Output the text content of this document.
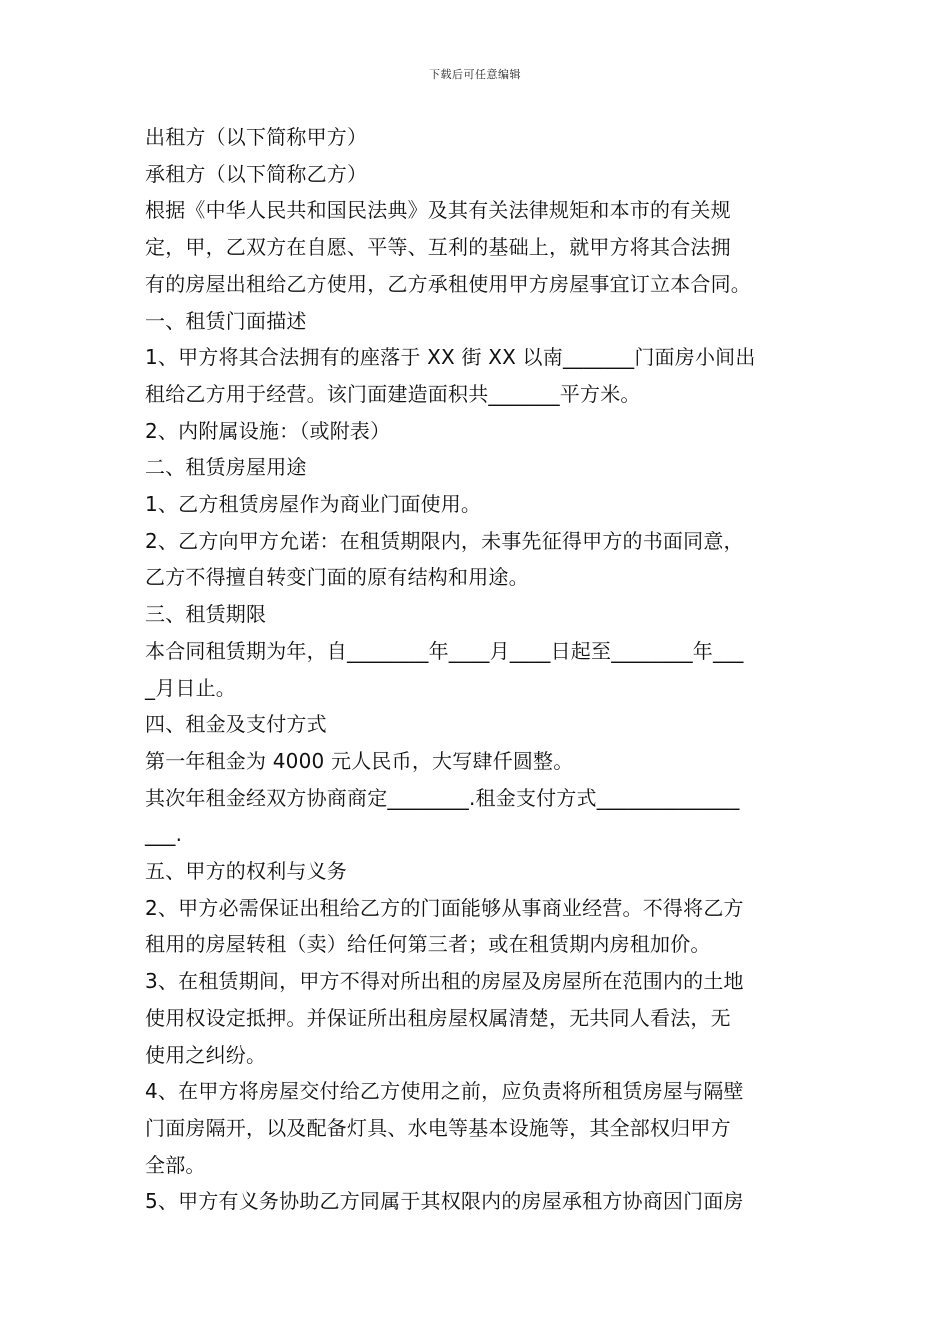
下载后可任意编辑
出租方（以下简称甲方）
承租方（以下简称乙方）
根据《中华人民共和国民法典》及其有关法律规矩和本市的有关规
定，甲，乙双方在自愿、平等、互利的基础上，就甲方将其合法拥
有的房屋出租给乙方使用，乙方承租使用甲方房屋事宜订立本合同。
一、租赁门面描述
1、甲方将其合法拥有的座落于 XX 街 XX 以南_______门面房小间出
租给乙方用于经营。该门面建造面积共_______平方米。
2、内附属设施：（或附表）
二、租赁房屋用途
1、乙方租赁房屋作为商业门面使用。
2、乙方向甲方允诺：在租赁期限内，未事先征得甲方的书面同意，
乙方不得擅自转变门面的原有结构和用途。
三、租赁期限
本合同租赁期为年，自________年____月____日起至________年___
_月日止。
四、租金及支付方式
第一年租金为 4000 元人民币，大写肆仟圆整。
其次年租金经双方协商商定________.租金支付方式______________
___.
五、甲方的权利与义务
2、甲方必需保证出租给乙方的门面能够从事商业经营。不得将乙方
租用的房屋转租（卖）给任何第三者；或在租赁期内房租加价。
3、在租赁期间，甲方不得对所出租的房屋及房屋所在范围内的土地
使用权设定抵押。并保证所出租房屋权属清楚，无共同人看法，无
使用之纠纷。
4、在甲方将房屋交付给乙方使用之前，应负责将所租赁房屋与隔壁
门面房隔开，以及配备灯具、水电等基本设施等，其全部权归甲方
全部。
5、甲方有义务协助乙方同属于其权限内的房屋承租方协商因门面房
